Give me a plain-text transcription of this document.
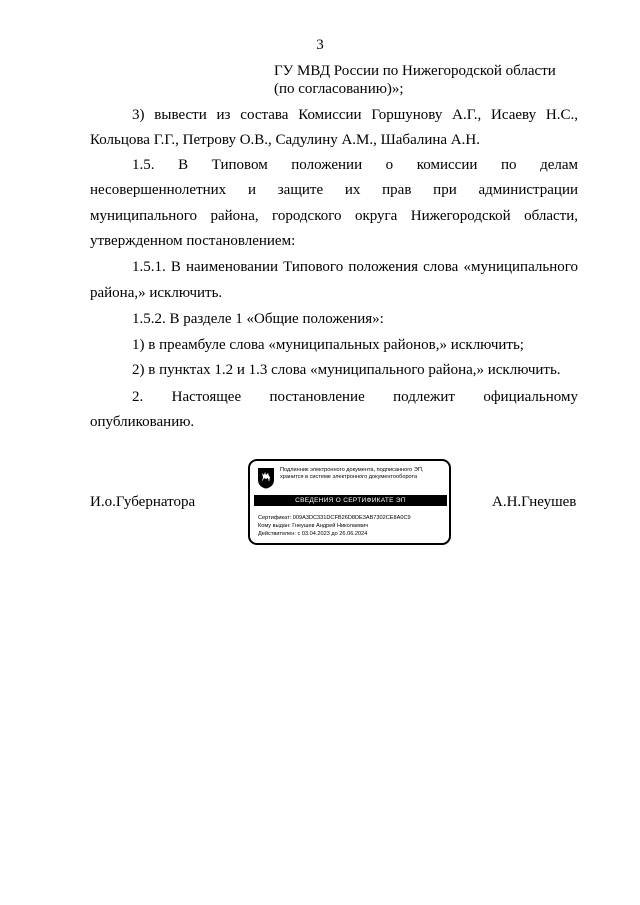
3
ГУ МВД России по Нижегородской области
(по согласованию)»;
3) вывести из состава Комиссии Горшунову А.Г., Исаеву Н.С.,
Кольцова Г.Г., Петрову О.В., Садулину А.М., Шабалина А.Н.
1.5. В Типовом положении о комиссии по делам
несовершеннолетних и защите их прав при администрации
муниципального района, городского округа Нижегородской области,
утвержденном постановлением:
1.5.1. В наименовании Типового положения слова «муниципального
района,» исключить.
1.5.2. В разделе 1 «Общие положения»:
1) в преамбуле слова «муниципальных районов,» исключить;
2) в пунктах 1.2 и 1.3 слова «муниципального района,» исключить.
2. Настоящее постановление подлежит официальному
опубликованию.
И.о.Губернатора	А.Н.Гнеушев
Подлинник электронного документа, подписанного ЭП,
хранится в системе электронного документооборота
СВЕДЕНИЯ О СЕРТИФИКАТЕ ЭП
Сертификат: 009A3DC331DCFB26D8DE3AB7302CE8A0C9
Кому выдан: Гнеушев Андрей Николаевич
Действителен: с 03.04.2023 до 26.06.2024
